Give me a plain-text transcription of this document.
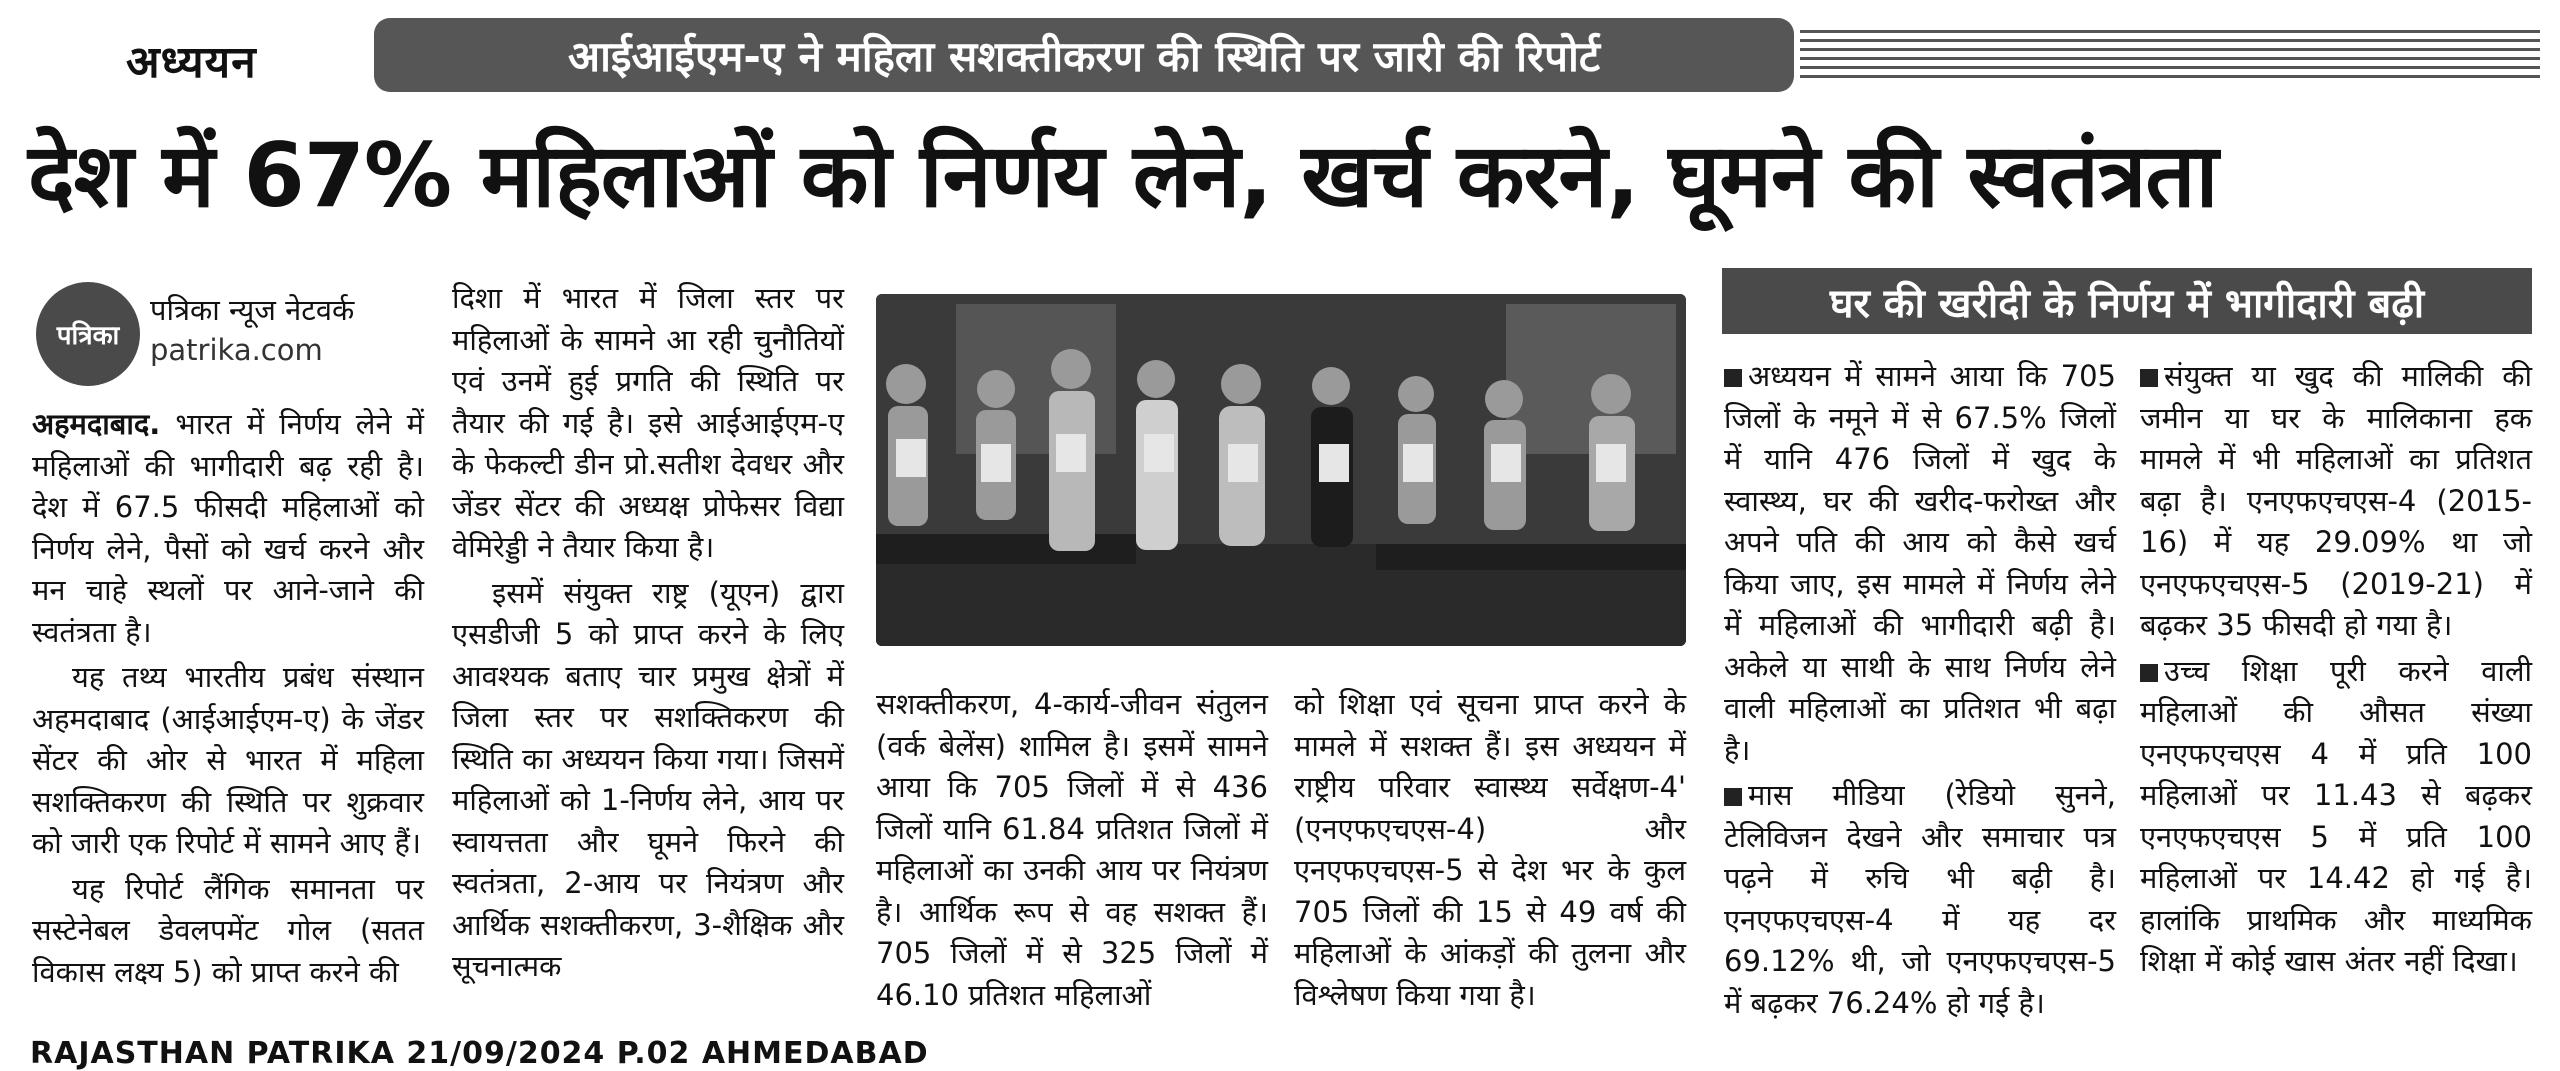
अध्ययन	आईआईएम-ए ने महिला सशक्तीकरण की स्थिति पर जारी की रिपोर्ट
देश में 67% महिलाओं को निर्णय लेने, खर्च करने, घूमने की स्वतंत्रता
पत्रिका
पत्रिका न्यूज नेटवर्क
patrika.com

अहमदाबाद. भारत में निर्णय लेने में महिलाओं की भागीदारी बढ़ रही है। देश में 67.5 फीसदी महिलाओं को निर्णय लेने, पैसों को खर्च करने और मन चाहे स्थलों पर आने-जाने की स्वतंत्रता है।

यह तथ्य भारतीय प्रबंध संस्थान अहमदाबाद (आईआईएम-ए) के जेंडर सेंटर की ओर से भारत में महिला सशक्तिकरण की स्थिति पर शुक्रवार को जारी एक रिपोर्ट में सामने आए हैं।

यह रिपोर्ट लैंगिक समानता पर सस्टेनेबल डेवलपमेंट गोल (सतत विकास लक्ष्य 5) को प्राप्त करने की

दिशा में भारत में जिला स्तर पर महिलाओं के सामने आ रही चुनौतियों एवं उनमें हुई प्रगति की स्थिति पर तैयार की गई है। इसे आईआईएम-ए के फेकल्टी डीन प्रो.सतीश देवधर और जेंडर सेंटर की अध्यक्ष प्रोफेसर विद्या वेमिरेड्डी ने तैयार किया है।

इसमें संयुक्त राष्ट्र (यूएन) द्वारा एसडीजी 5 को प्राप्त करने के लिए आवश्यक बताए चार प्रमुख क्षेत्रों में जिला स्तर पर सशक्तिकरण की स्थिति का अध्ययन किया गया। जिसमें महिलाओं को 1-निर्णय लेने, आय पर स्वायत्तता और घूमने फिरने की स्वतंत्रता, 2-आय पर नियंत्रण और आर्थिक सशक्तीकरण, 3-शैक्षिक और सूचनात्मक

सशक्तीकरण, 4-कार्य-जीवन संतुलन (वर्क बेलेंस) शामिल है। इसमें सामने आया कि 705 जिलों में से 436 जिलों यानि 61.84 प्रतिशत जिलों में महिलाओं का उनकी आय पर नियंत्रण है। आर्थिक रूप से वह सशक्त हैं। 705 जिलों में से 325 जिलों में 46.10 प्रतिशत महिलाओं

को शिक्षा एवं सूचना प्राप्त करने के मामले में सशक्त हैं। इस अध्ययन में राष्ट्रीय परिवार स्वास्थ्य सर्वेक्षण-4' (एनएफएचएस-4) और एनएफएचएस-5 से देश भर के कुल 705 जिलों की 15 से 49 वर्ष की महिलाओं के आंकड़ों की तुलना और विश्लेषण किया गया है।

घर की खरीदी के निर्णय में भागीदारी बढ़ी

अध्ययन में सामने आया कि 705 जिलों के नमूने में से 67.5% जिलों में यानि 476 जिलों में खुद के स्वास्थ्य, घर की खरीद-फरोख्त और अपने पति की आय को कैसे खर्च किया जाए, इस मामले में निर्णय लेने में महिलाओं की भागीदारी बढ़ी है। अकेले या साथी के साथ निर्णय लेने वाली महिलाओं का प्रतिशत भी बढ़ा है।

मास मीडिया (रेडियो सुनने, टेलिविजन देखने और समाचार पत्र पढ़ने में रुचि भी बढ़ी है। एनएफएचएस-4 में यह दर 69.12% थी, जो एनएफएचएस-5 में बढ़कर 76.24% हो गई है।

संयुक्त या खुद की मालिकी की जमीन या घर के मालिकाना हक मामले में भी महिलाओं का प्रतिशत बढ़ा है। एनएफएचएस-4 (2015-16) में यह 29.09% था जो एनएफएचएस-5 (2019-21) में बढ़कर 35 फीसदी हो गया है।

उच्च शिक्षा पूरी करने वाली महिलाओं की औसत संख्या एनएफएचएस 4 में प्रति 100 महिलाओं पर 11.43 से बढ़कर एनएफएचएस 5 में प्रति 100 महिलाओं पर 14.42 हो गई है। हालांकि प्राथमिक और माध्यमिक शिक्षा में कोई खास अंतर नहीं दिखा।

RAJASTHAN PATRIKA 21/09/2024 P.02 AHMEDABAD
